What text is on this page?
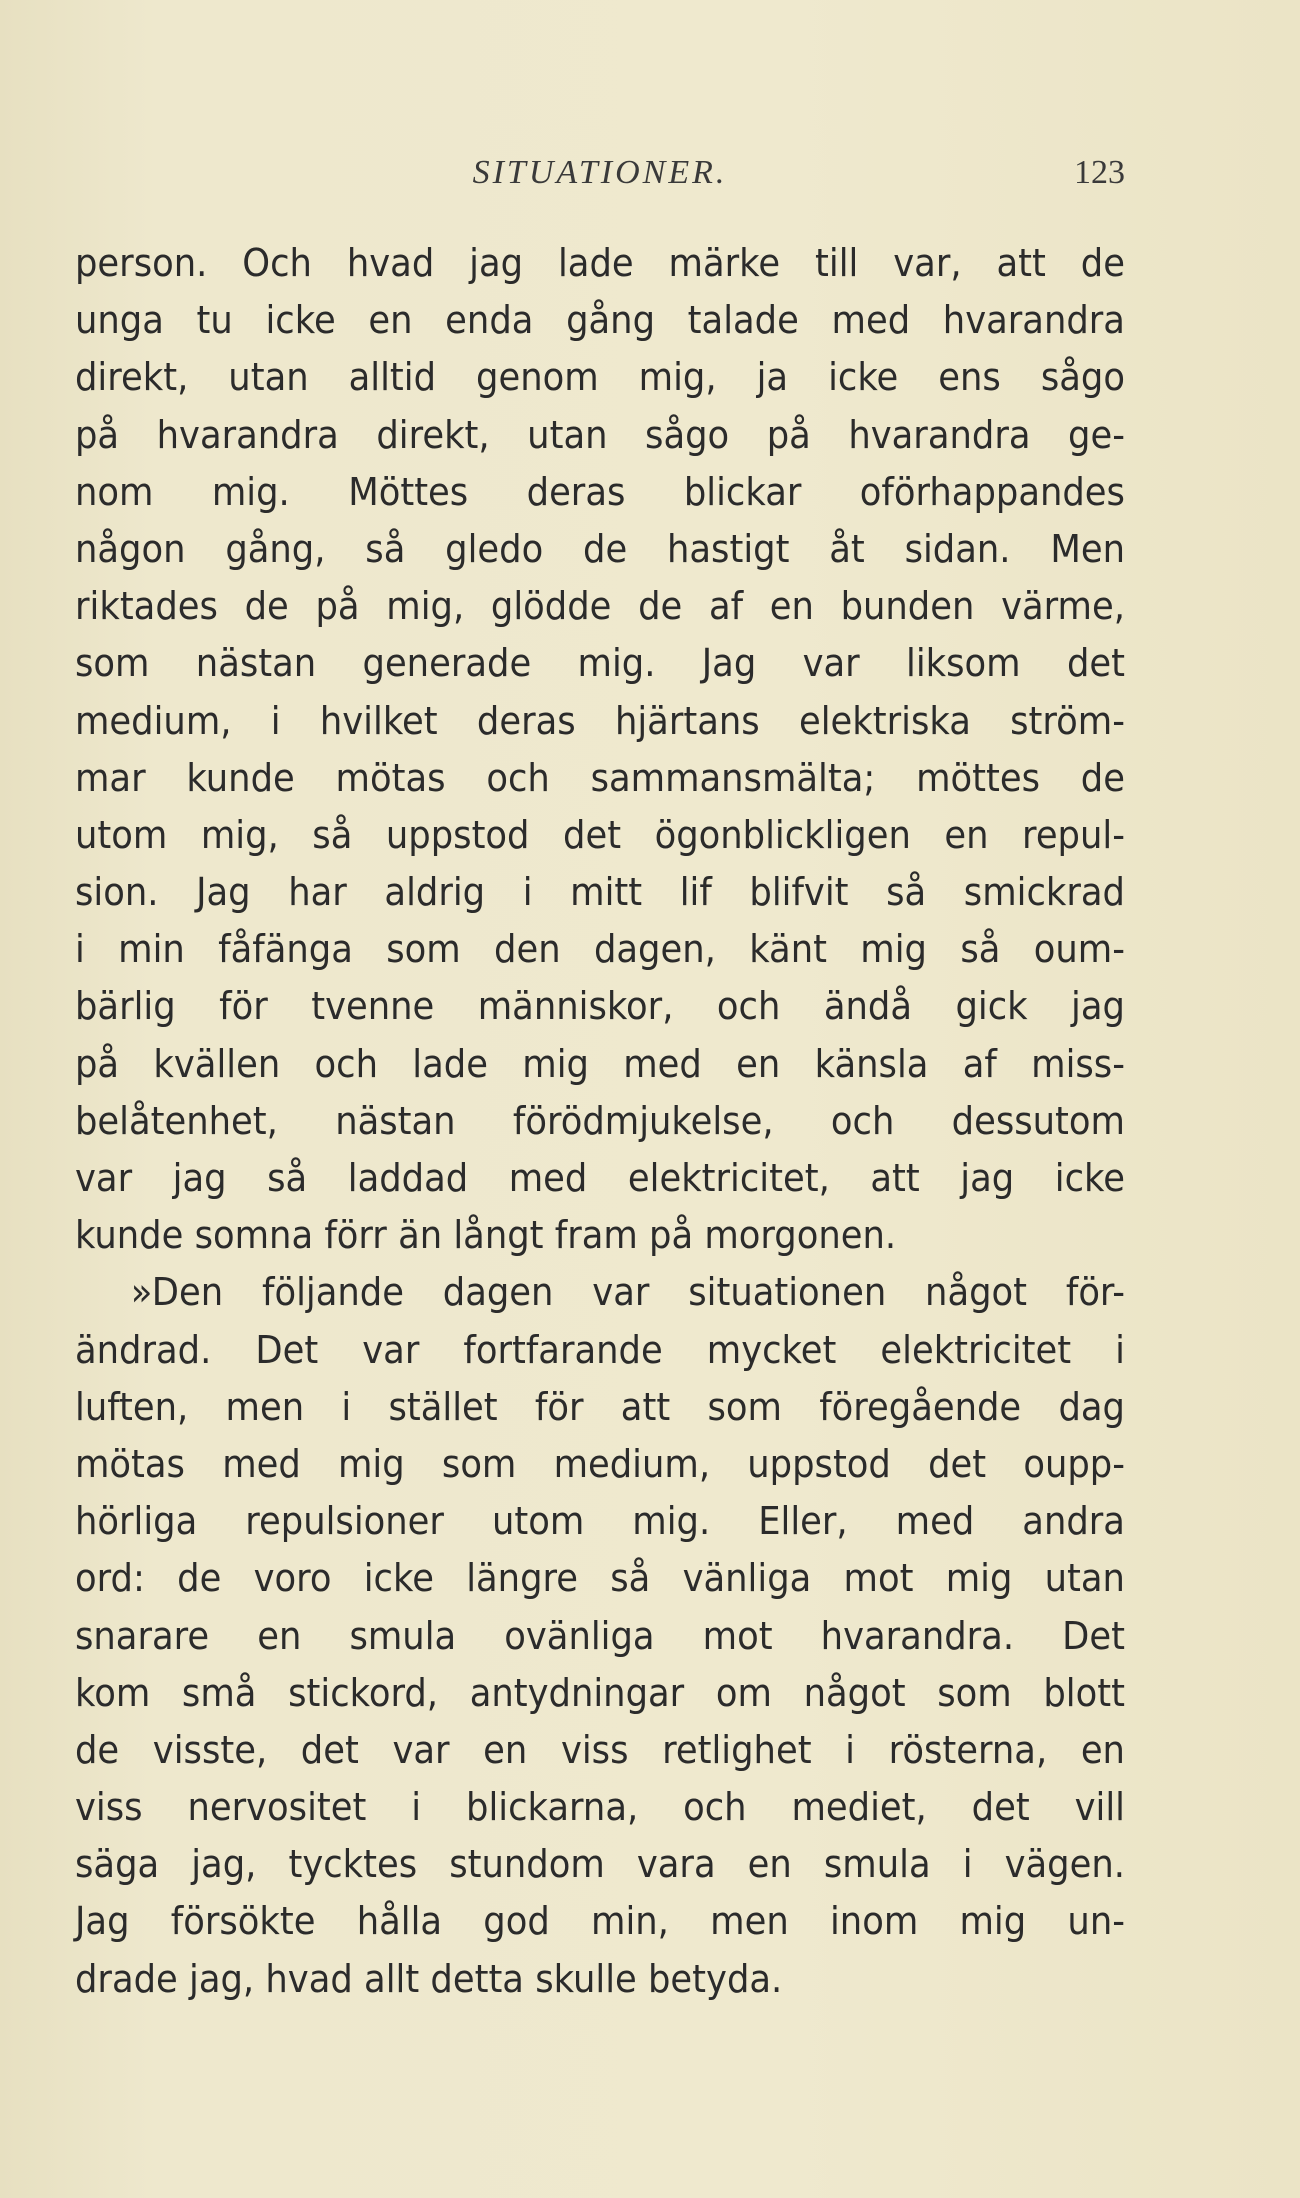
SITUATIONER.	123
person. Och hvad jag lade märke till var, att de
unga tu icke en enda gång talade med hvarandra
direkt, utan alltid genom mig, ja icke ens sågo
på hvarandra direkt, utan sågo på hvarandra ge-
nom mig. Möttes deras blickar oförhappandes
någon gång, så gledo de hastigt åt sidan. Men
riktades de på mig, glödde de af en bunden värme,
som nästan generade mig. Jag var liksom det
medium, i hvilket deras hjärtans elektriska ström-
mar kunde mötas och sammansmälta; möttes de
utom mig, så uppstod det ögonblickligen en repul-
sion. Jag har aldrig i mitt lif blifvit så smickrad
i min fåfänga som den dagen, känt mig så oum-
bärlig för tvenne människor, och ändå gick jag
på kvällen och lade mig med en känsla af miss-
belåtenhet, nästan förödmjukelse, och dessutom
var jag så laddad med elektricitet, att jag icke
kunde somna förr än långt fram på morgonen.
»Den följande dagen var situationen något för-
ändrad. Det var fortfarande mycket elektricitet i
luften, men i stället för att som föregående dag
mötas med mig som medium, uppstod det oupp-
hörliga repulsioner utom mig. Eller, med andra
ord: de voro icke längre så vänliga mot mig utan
snarare en smula ovänliga mot hvarandra. Det
kom små stickord, antydningar om något som blott
de visste, det var en viss retlighet i rösterna, en
viss nervositet i blickarna, och mediet, det vill
säga jag, tycktes stundom vara en smula i vägen.
Jag försökte hålla god min, men inom mig un-
drade jag, hvad allt detta skulle betyda.
